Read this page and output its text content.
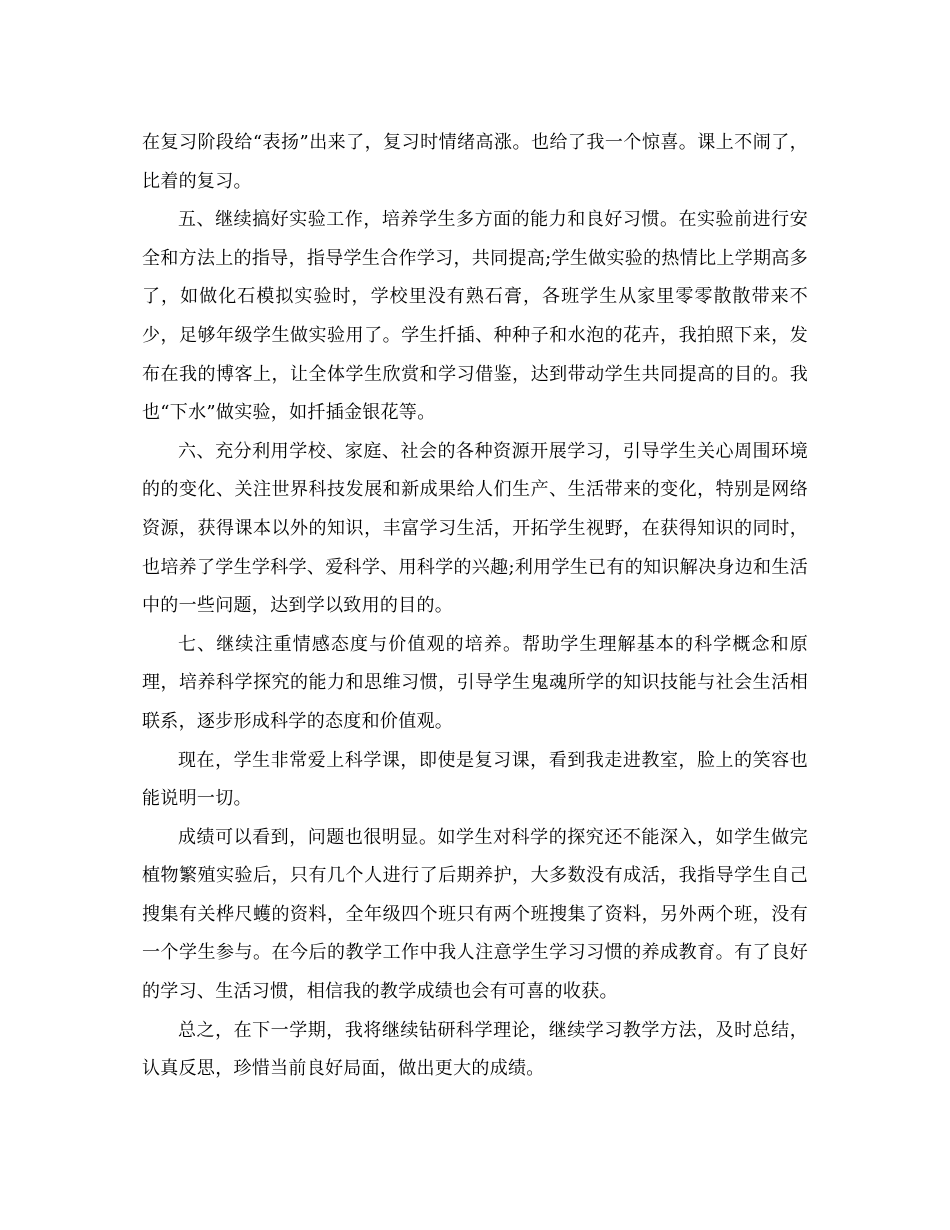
在复习阶段给“表扬”出来了，复习时情绪高涨。也给了我一个惊喜。课上不闹了，比着的复习。

五、继续搞好实验工作，培养学生多方面的能力和良好习惯。在实验前进行安全和方法上的指导，指导学生合作学习，共同提高;学生做实验的热情比上学期高多了，如做化石模拟实验时，学校里没有熟石膏，各班学生从家里零零散散带来不少，足够年级学生做实验用了。学生扦插、种种子和水泡的花卉，我拍照下来，发布在我的博客上，让全体学生欣赏和学习借鉴，达到带动学生共同提高的目的。我也“下水”做实验，如扦插金银花等。

六、充分利用学校、家庭、社会的各种资源开展学习，引导学生关心周围环境的的变化、关注世界科技发展和新成果给人们生产、生活带来的变化，特别是网络资源，获得课本以外的知识，丰富学习生活，开拓学生视野，在获得知识的同时，也培养了学生学科学、爱科学、用科学的兴趣;利用学生已有的知识解决身边和生活中的一些问题，达到学以致用的目的。

七、继续注重情感态度与价值观的培养。帮助学生理解基本的科学概念和原理，培养科学探究的能力和思维习惯，引导学生鬼魂所学的知识技能与社会生活相联系，逐步形成科学的态度和价值观。

现在，学生非常爱上科学课，即使是复习课，看到我走进教室，脸上的笑容也能说明一切。

成绩可以看到，问题也很明显。如学生对科学的探究还不能深入，如学生做完植物繁殖实验后，只有几个人进行了后期养护，大多数没有成活，我指导学生自己搜集有关桦尺蠖的资料，全年级四个班只有两个班搜集了资料，另外两个班，没有一个学生参与。在今后的教学工作中我人注意学生学习习惯的养成教育。有了良好的学习、生活习惯，相信我的教学成绩也会有可喜的收获。

总之，在下一学期，我将继续钻研科学理论，继续学习教学方法，及时总结，认真反思，珍惜当前良好局面，做出更大的成绩。
